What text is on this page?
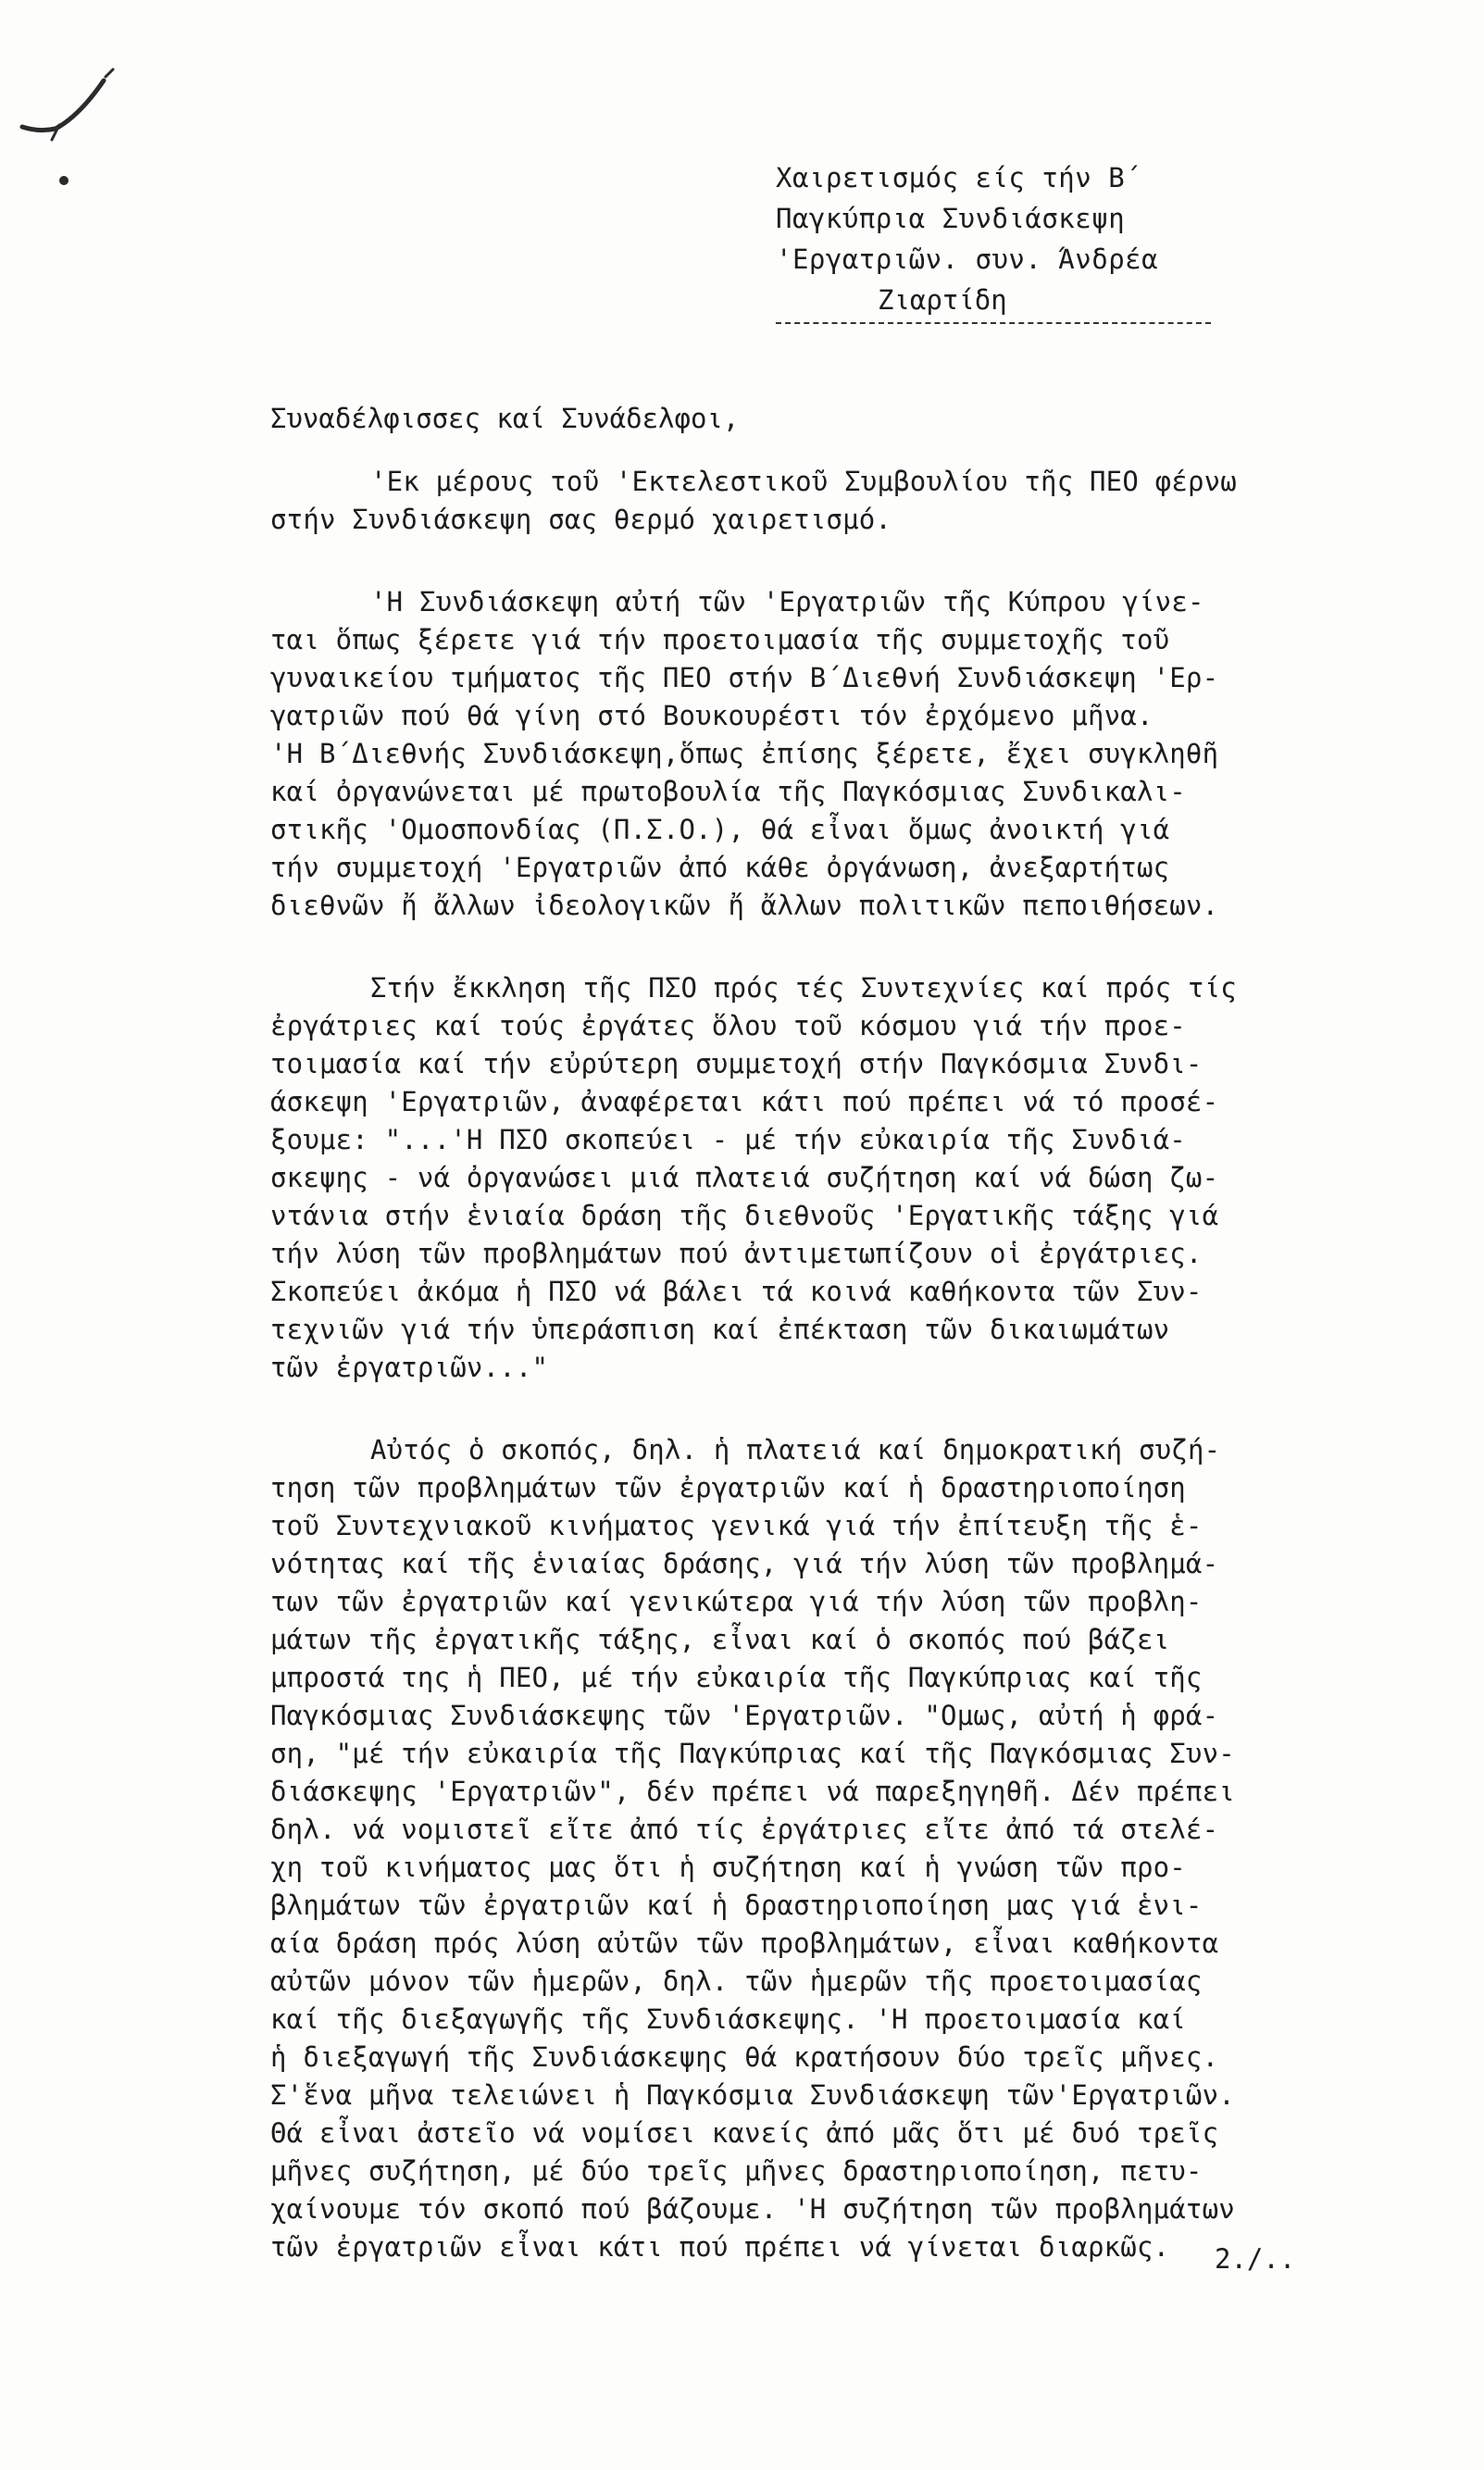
Χαιρετισμός είς τήν Β΄
Παγκύπρια Συνδιάσκεψη
'Εργατριῶν. συν. Άνδρέα
Ζιαρτίδη
Συναδέλφισσες καί Συνάδελφοι,
'Εκ μέρους τοῦ 'Εκτελεστικοῦ Συμβουλίου τῆς ΠΕΟ φέρνω
στήν Συνδιάσκεψη σας θερμό χαιρετισμό.
'Η Συνδιάσκεψη αὐτή τῶν 'Εργατριῶν τῆς Κύπρου γίνε-
ται ὅπως ξέρετε γιά τήν προετοιμασία τῆς συμμετοχῆς τοῦ
γυναικείου τμήματος τῆς ΠΕΟ στήν Β΄Διεθνή Συνδιάσκεψη 'Ερ-
γατριῶν πού θά γίνη στό Βουκουρέστι τόν ἐρχόμενο μῆνα.
'Η Β΄Διεθνής Συνδιάσκεψη,ὅπως ἐπίσης ξέρετε, ἔχει συγκληθῆ
καί ὀργανώνεται μέ πρωτοβουλία τῆς Παγκόσμιας Συνδικαλι-
στικῆς 'Ομοσπονδίας (Π.Σ.Ο.), θά εἶναι ὅμως ἀνοικτή γιά
τήν συμμετοχή 'Εργατριῶν ἀπό κάθε ὀργάνωση, ἀνεξαρτήτως
διεθνῶν ἤ ἄλλων ἰδεολογικῶν ἤ ἄλλων πολιτικῶν πεποιθήσεων.
Στήν ἔκκληση τῆς ΠΣΟ πρός τές Συντεχνίες καί πρός τίς
ἐργάτριες καί τούς ἐργάτες ὅλου τοῦ κόσμου γιά τήν προε-
τοιμασία καί τήν εὐρύτερη συμμετοχή στήν Παγκόσμια Συνδι-
άσκεψη 'Εργατριῶν, ἀναφέρεται κάτι πού πρέπει νά τό προσέ-
ξουμε: "...'Η ΠΣΟ σκοπεύει - μέ τήν εὐκαιρία τῆς Συνδιά-
σκεψης - νά ὀργανώσει μιά πλατειά συζήτηση καί νά δώση ζω-
ντάνια στήν ἑνιαία δράση τῆς διεθνοῦς 'Εργατικῆς τάξης γιά
τήν λύση τῶν προβλημάτων πού ἀντιμετωπίζουν οἱ ἐργάτριες.
Σκοπεύει ἀκόμα ἡ ΠΣΟ νά βάλει τά κοινά καθήκοντα τῶν Συν-
τεχνιῶν γιά τήν ὑπεράσπιση καί ἐπέκταση τῶν δικαιωμάτων
τῶν ἐργατριῶν..."
Αὐτός ὁ σκοπός, δηλ. ἡ πλατειά καί δημοκρατική συζή-
τηση τῶν προβλημάτων τῶν ἐργατριῶν καί ἡ δραστηριοποίηση
τοῦ Συντεχνιακοῦ κινήματος γενικά γιά τήν ἐπίτευξη τῆς ἑ-
νότητας καί τῆς ἑνιαίας δράσης, γιά τήν λύση τῶν προβλημά-
των τῶν ἐργατριῶν καί γενικώτερα γιά τήν λύση τῶν προβλη-
μάτων τῆς ἐργατικῆς τάξης, εἶναι καί ὁ σκοπός πού βάζει
μπροστά της ἡ ΠΕΟ, μέ τήν εὐκαιρία τῆς Παγκύπριας καί τῆς
Παγκόσμιας Συνδιάσκεψης τῶν 'Εργατριῶν. "Ομως, αὐτή ἡ φρά-
ση, "μέ τήν εὐκαιρία τῆς Παγκύπριας καί τῆς Παγκόσμιας Συν-
διάσκεψης 'Εργατριῶν", δέν πρέπει νά παρεξηγηθῆ. Δέν πρέπει
δηλ. νά νομιστεῖ εἴτε ἀπό τίς ἐργάτριες εἴτε ἀπό τά στελέ-
χη τοῦ κινήματος μας ὅτι ἡ συζήτηση καί ἡ γνώση τῶν προ-
βλημάτων τῶν ἐργατριῶν καί ἡ δραστηριοποίηση μας γιά ἑνι-
αία δράση πρός λύση αὐτῶν τῶν προβλημάτων, εἶναι καθήκοντα
αὐτῶν μόνον τῶν ἡμερῶν, δηλ. τῶν ἡμερῶν τῆς προετοιμασίας
καί τῆς διεξαγωγῆς τῆς Συνδιάσκεψης. 'Η προετοιμασία καί
ἡ διεξαγωγή τῆς Συνδιάσκεψης θά κρατήσουν δύο τρεῖς μῆνες.
Σ'ἕνα μῆνα τελειώνει ἡ Παγκόσμια Συνδιάσκεψη τῶν'Εργατριῶν.
Θά εἶναι ἀστεῖο νά νομίσει κανείς ἀπό μᾶς ὅτι μέ δυό τρεῖς
μῆνες συζήτηση, μέ δύο τρεῖς μῆνες δραστηριοποίηση, πετυ-
χαίνουμε τόν σκοπό πού βάζουμε. 'Η συζήτηση τῶν προβλημάτων
τῶν ἐργατριῶν εἶναι κάτι πού πρέπει νά γίνεται διαρκῶς.	2./..
